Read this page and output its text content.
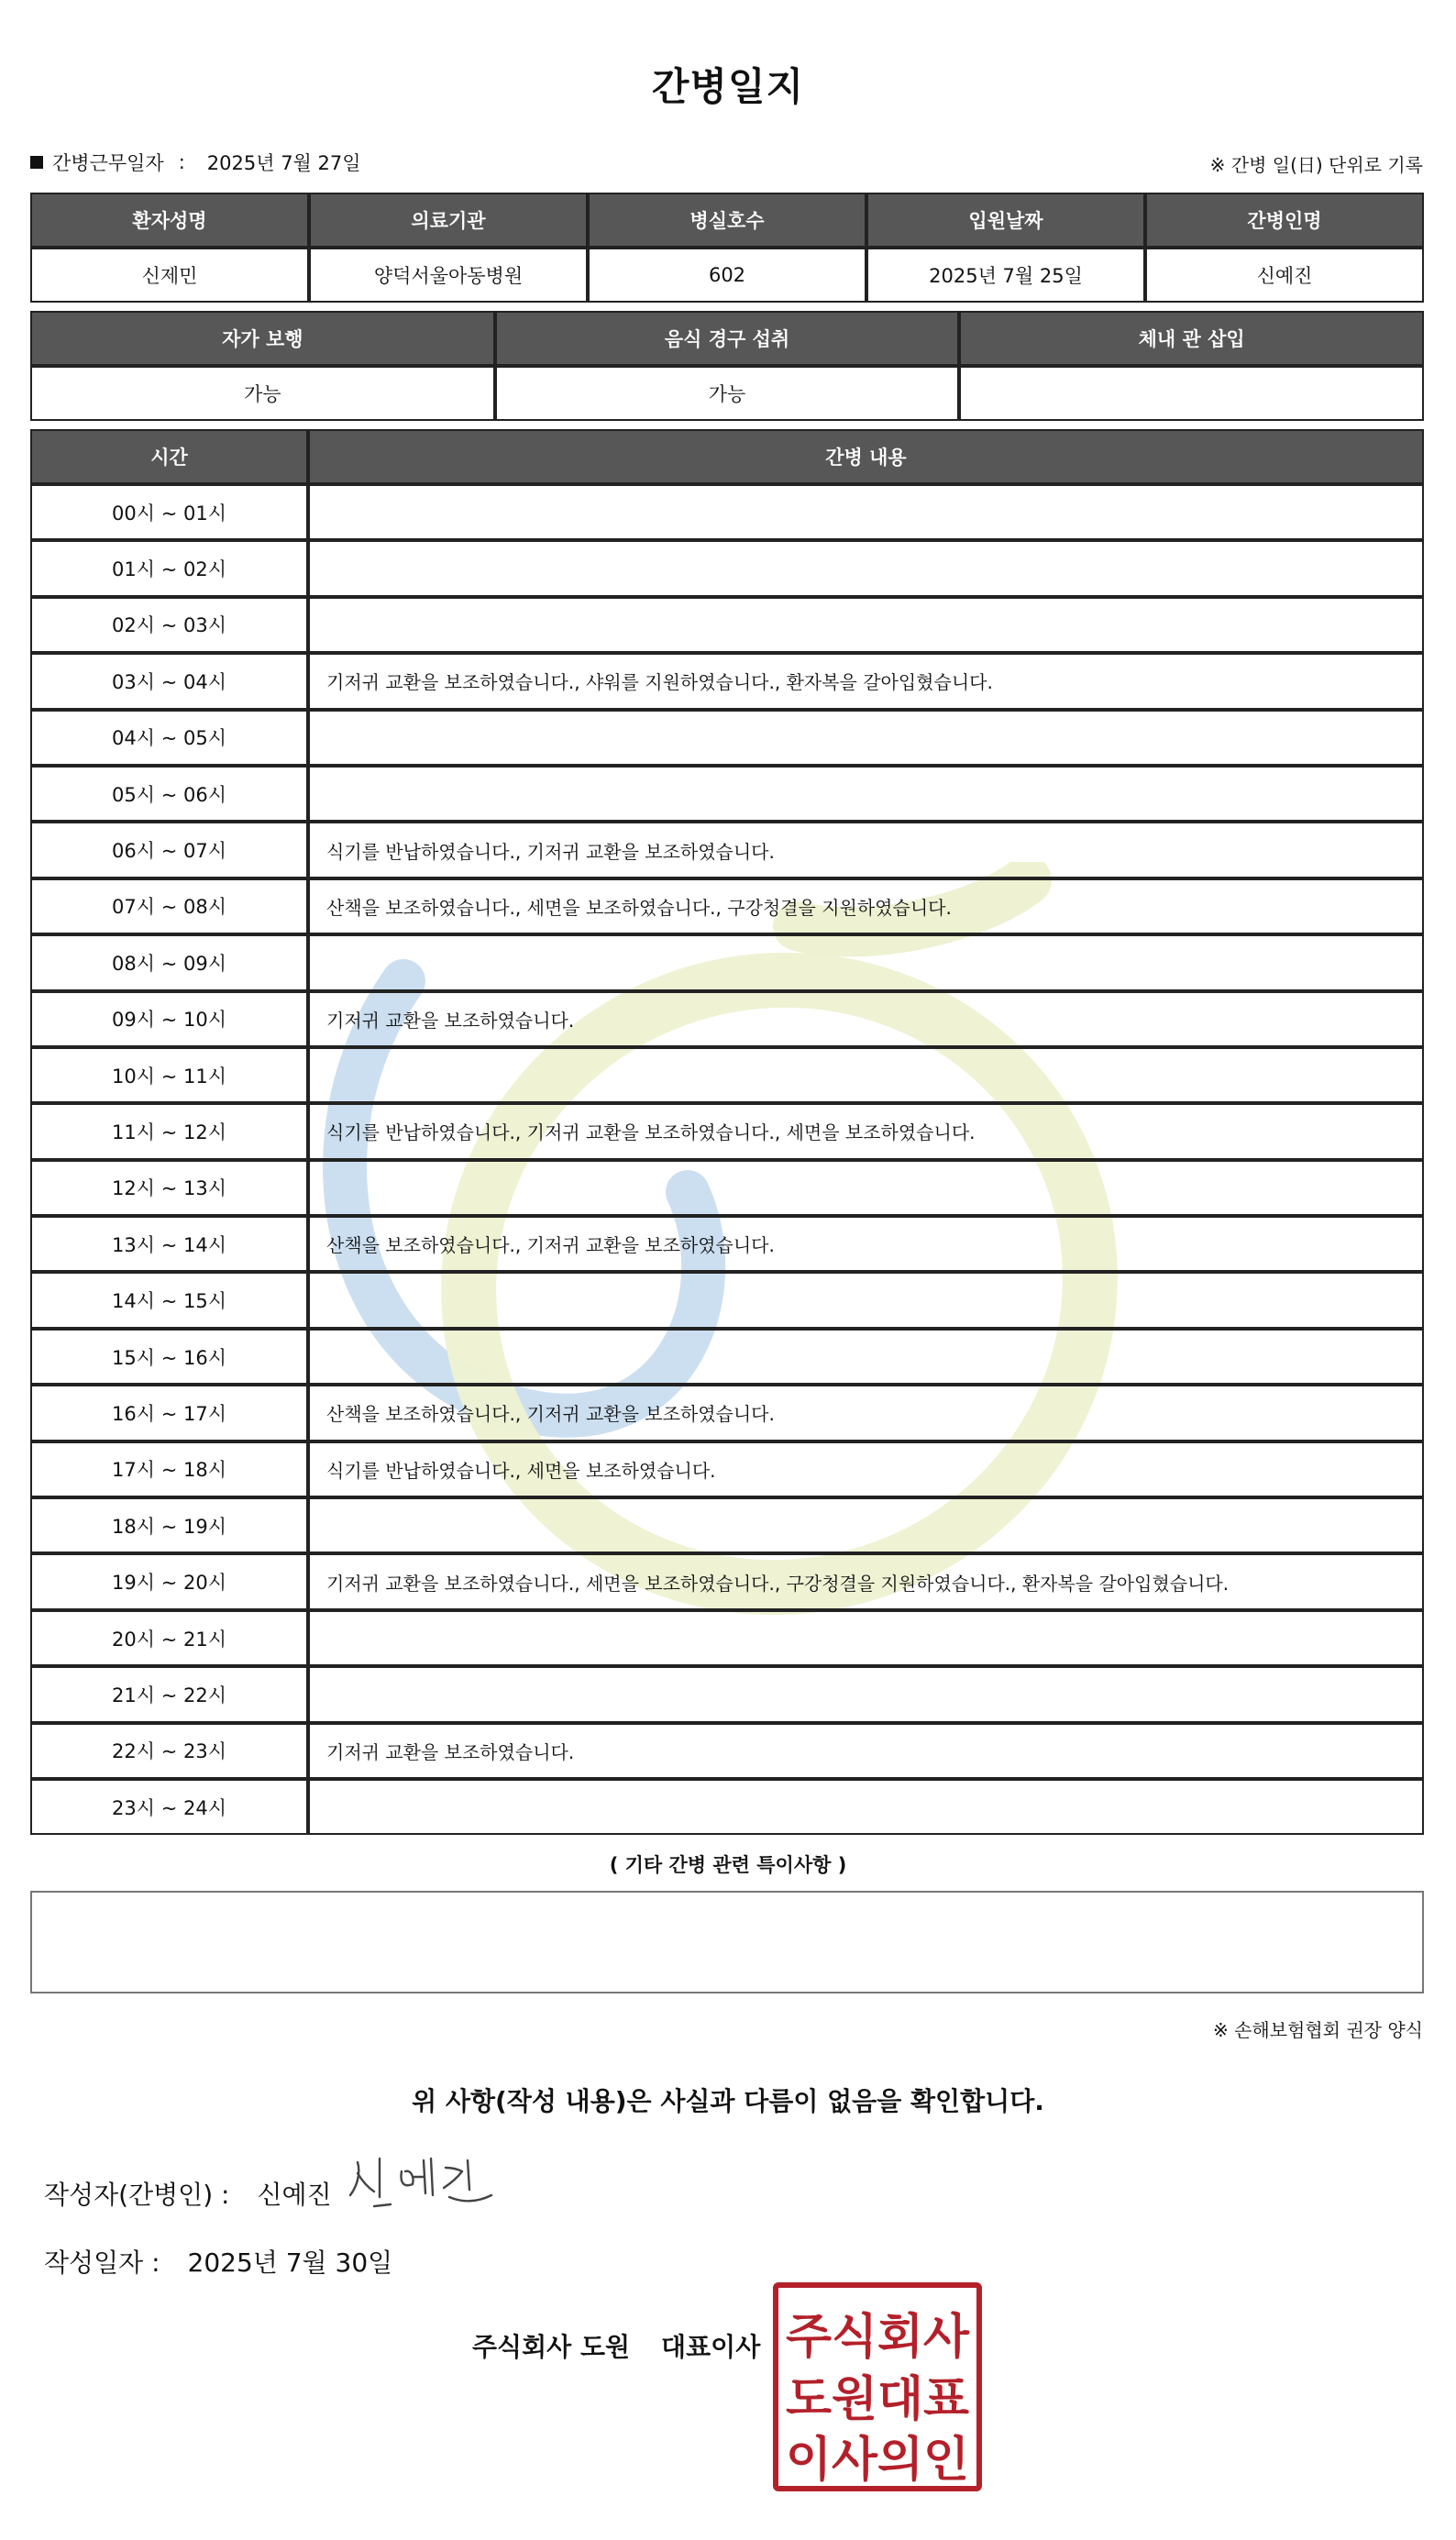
간병일지
간병근무일자 : 2025년 7월 27일	※ 간병 일(日) 단위로 기록
환자성명	의료기관	병실호수	입원날짜	간병인명
신제민	양덕서울아동병원	602	2025년 7월 25일	신예진
자가 보행	음식 경구 섭취	체내 관 삽입
가능	가능	
시간	간병 내용
00시 ~ 01시	
01시 ~ 02시	
02시 ~ 03시	
03시 ~ 04시	기저귀 교환을 보조하였습니다., 샤워를 지원하였습니다., 환자복을 갈아입혔습니다.
04시 ~ 05시	
05시 ~ 06시	
06시 ~ 07시	식기를 반납하였습니다., 기저귀 교환을 보조하였습니다.
07시 ~ 08시	산책을 보조하였습니다., 세면을 보조하였습니다., 구강청결을 지원하였습니다.
08시 ~ 09시	
09시 ~ 10시	기저귀 교환을 보조하였습니다.
10시 ~ 11시	
11시 ~ 12시	식기를 반납하였습니다., 기저귀 교환을 보조하였습니다., 세면을 보조하였습니다.
12시 ~ 13시	
13시 ~ 14시	산책을 보조하였습니다., 기저귀 교환을 보조하였습니다.
14시 ~ 15시	
15시 ~ 16시	
16시 ~ 17시	산책을 보조하였습니다., 기저귀 교환을 보조하였습니다.
17시 ~ 18시	식기를 반납하였습니다., 세면을 보조하였습니다.
18시 ~ 19시	
19시 ~ 20시	기저귀 교환을 보조하였습니다., 세면을 보조하였습니다., 구강청결을 지원하였습니다., 환자복을 갈아입혔습니다.
20시 ~ 21시	
21시 ~ 22시	
22시 ~ 23시	기저귀 교환을 보조하였습니다.
23시 ~ 24시	
( 기타 간병 관련 특이사항 )
※ 손해보험협회 권장 양식
위 사항(작성 내용)은 사실과 다름이 없음을 확인합니다.
작성자(간병인) : 신예진
작성일자 : 2025년 7월 30일
주식회사 도원 대표이사 주식회사
도원대표
이사의인
